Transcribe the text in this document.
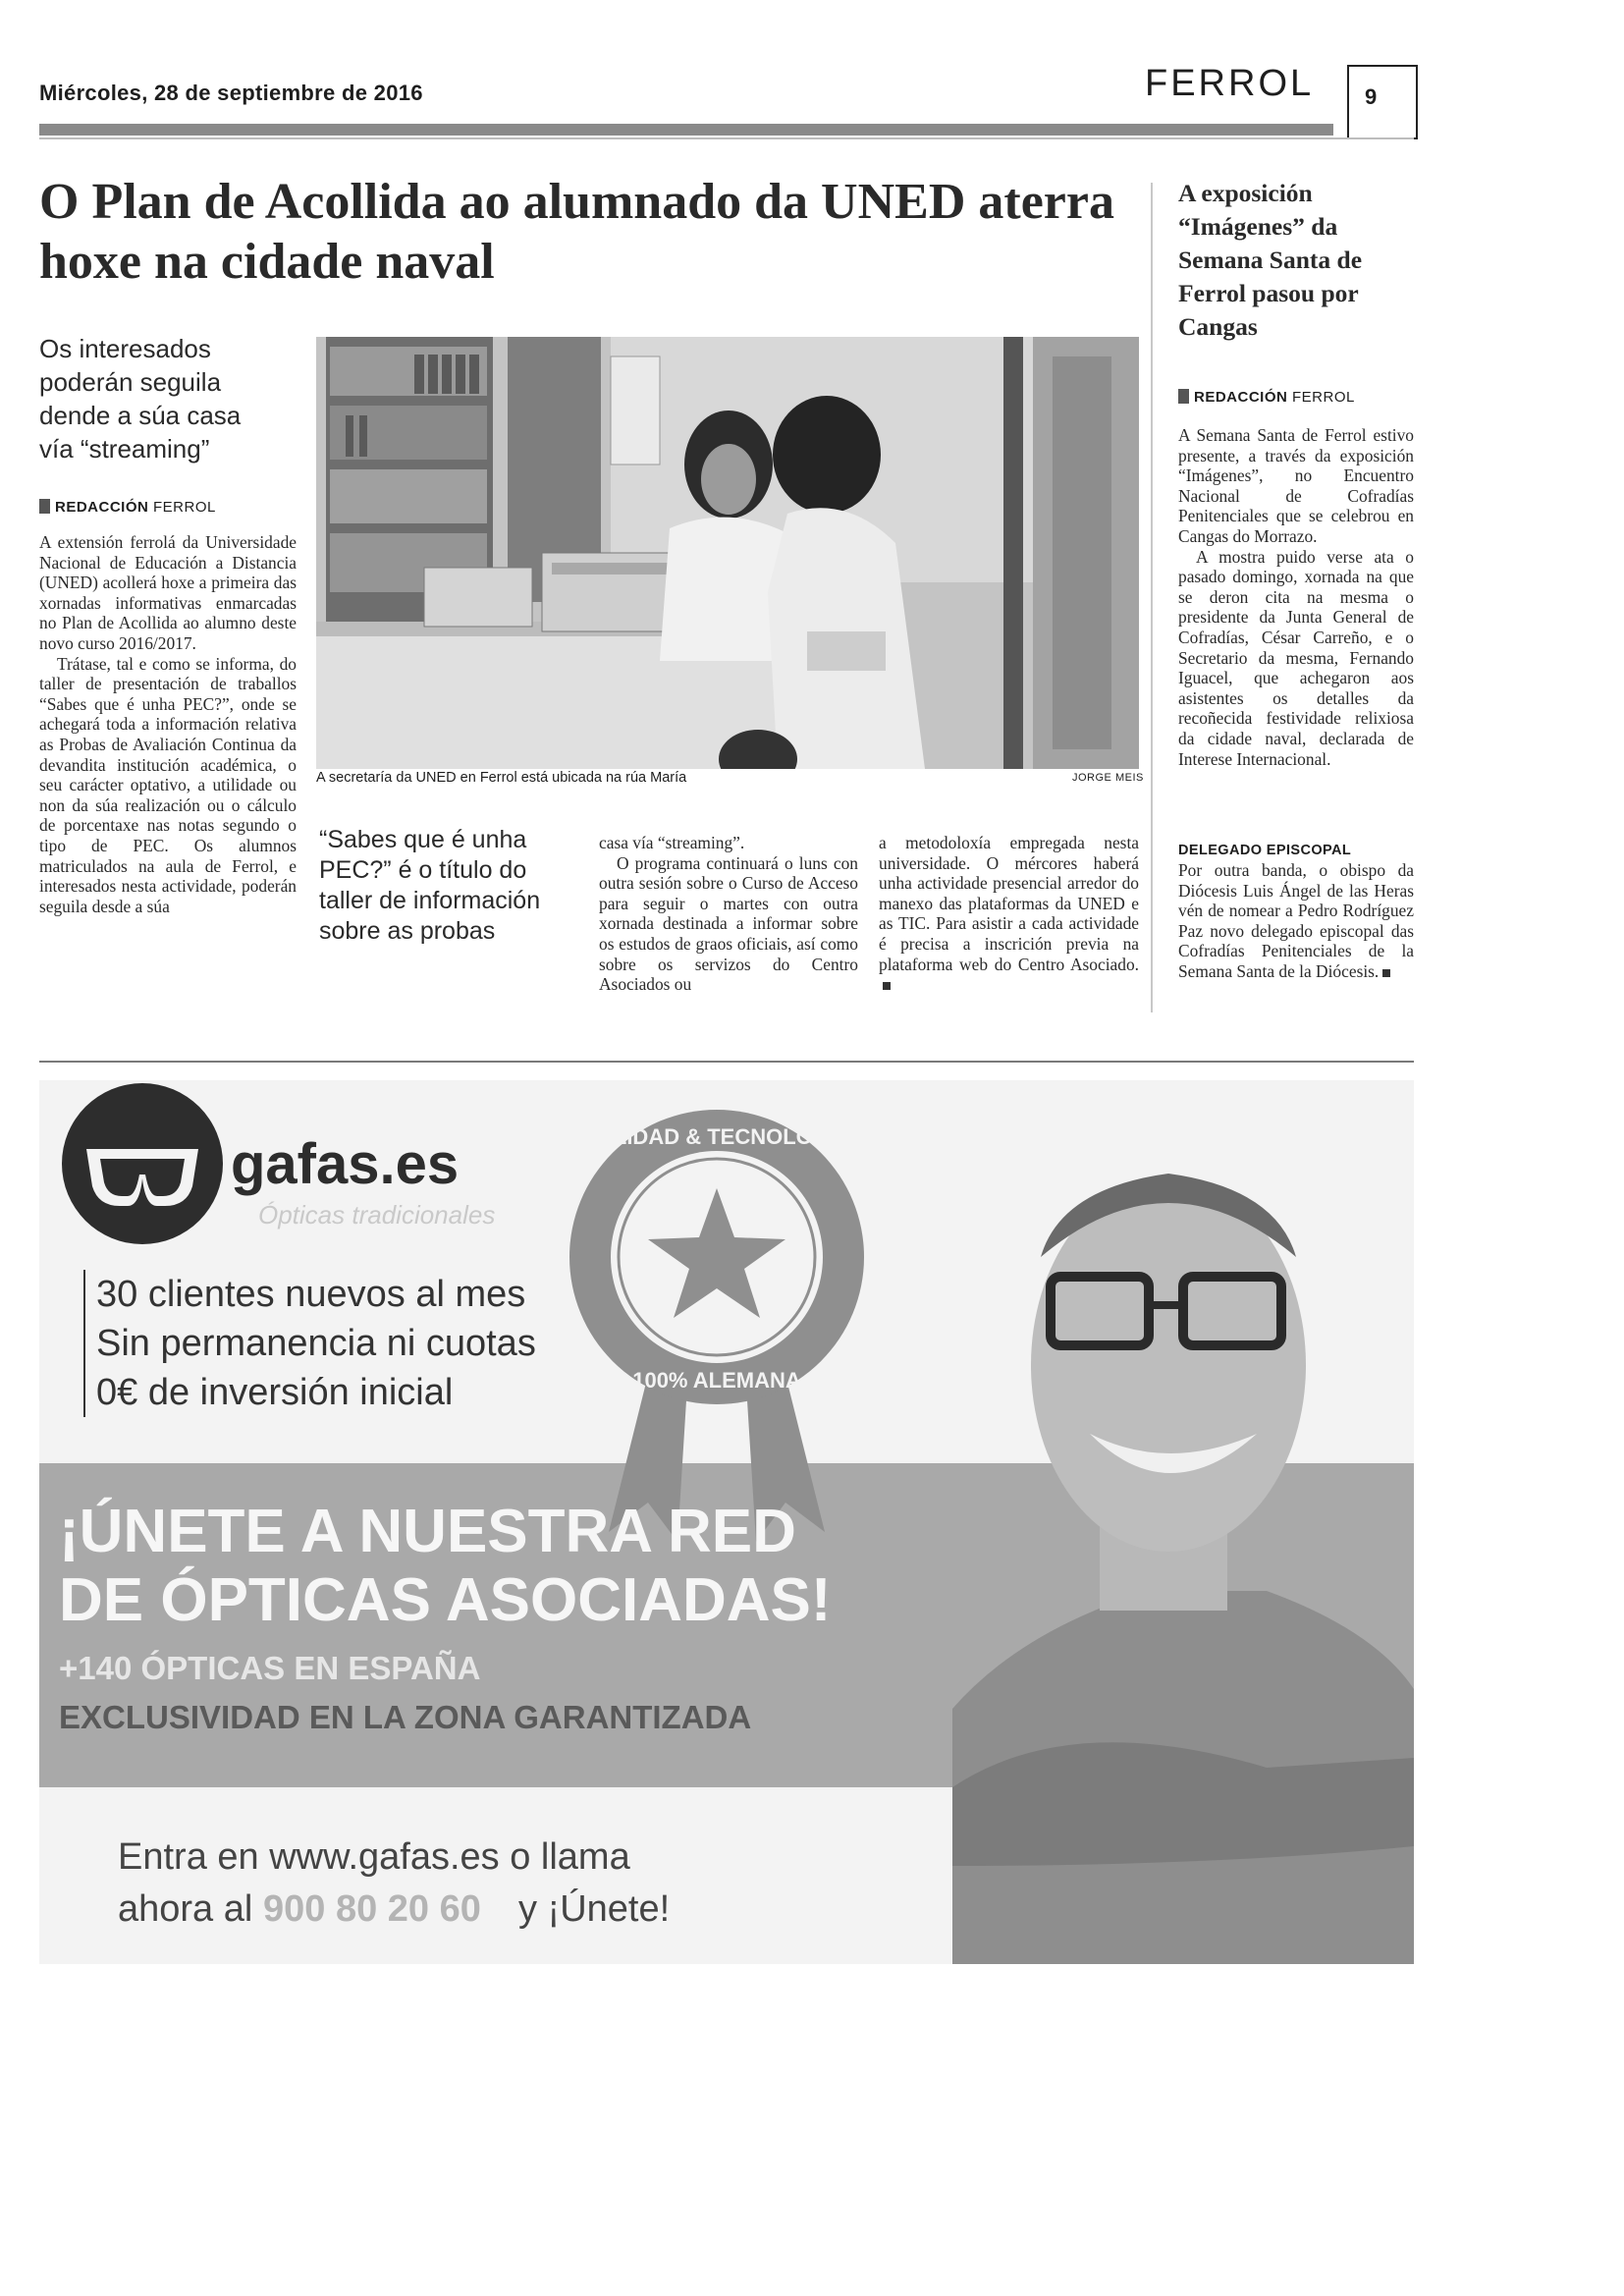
Miércoles, 28 de septiembre de 2016	FERROL 9
O Plan de Acollida ao alumnado da UNED aterra hoxe na cidade naval
Os interesados poderán seguila dende a súa casa vía “streaming”
REDACCIÓN FERROL

A extensión ferrolá da Universidade Nacional de Educación a Distancia (UNED) acollerá hoxe a primeira das xornadas informativas enmarcadas no Plan de Acollida ao alumno deste novo curso 2016/2017.

Trátase, tal e como se informa, do taller de presentación de traballos “Sabes que é unha PEC?”, onde se achegará toda a información relativa as Probas de Avaliación Continua da devandita institución académica, o seu carácter optativo, a utilidade ou non da súa realización ou o cálculo de porcentaxe nas notas segundo o tipo de PEC. Os alumnos matriculados na aula de Ferrol, e interesados nesta actividade, poderán seguila desde a súa

A secretaría da UNED en Ferrol está ubicada na rúa María	JORGE MEIS
“Sabes que é unha PEC?” é o título do taller de información sobre as probas

casa vía “streaming”.

O programa continuará o luns con outra sesión sobre o Curso de Acceso para seguir o martes con outra xornada destinada a informar sobre os estudos de graos oficiais, así como sobre os servizos do Centro Asociados ou

a metodoloxía empregada nesta universidade. O mércores haberá unha actividade presencial arredor do manexo das plataformas da UNED e as TIC. Para asistir a cada actividade é precisa a inscrición previa na plataforma web do Centro Asociado.

A exposición “Imágenes” da Semana Santa de Ferrol pasou por Cangas
REDACCIÓN FERROL

A Semana Santa de Ferrol estivo presente, a través da exposición “Imágenes”, no Encuentro Nacional de Cofradías Penitenciales que se celebrou en Cangas do Morrazo.

A mostra puido verse ata o pasado domingo, xornada na que se deron cita na mesma o presidente da Junta General de Cofradías, César Carreño, e o Secretario da mesma, Fernando Iguacel, que achegaron aos asistentes os detalles da recoñecida festividade relixiosa da cidade naval, declarada de Interese Internacional.

DELEGADO EPISCOPAL

Por outra banda, o obispo da Diócesis Luis Ángel de las Heras vén de nomear a Pedro Rodríguez Paz novo delegado episcopal das Cofradías Penitenciales de la Semana Santa de la Diócesis.

gafas.es
Ópticas tradicionales
30 clientes nuevos al mes
Sin permanencia ni cuotas
0€ de inversión inicial
CALIDAD & TECNOLOGÍA
100% ALEMANA
¡ÚNETE A NUESTRA RED
DE ÓPTICAS ASOCIADAS!
+140 ÓPTICAS EN ESPAÑA
EXCLUSIVIDAD EN LA ZONA GARANTIZADA
Entra en www.gafas.es o llama
ahora al 900 80 20 60 y ¡Únete!
